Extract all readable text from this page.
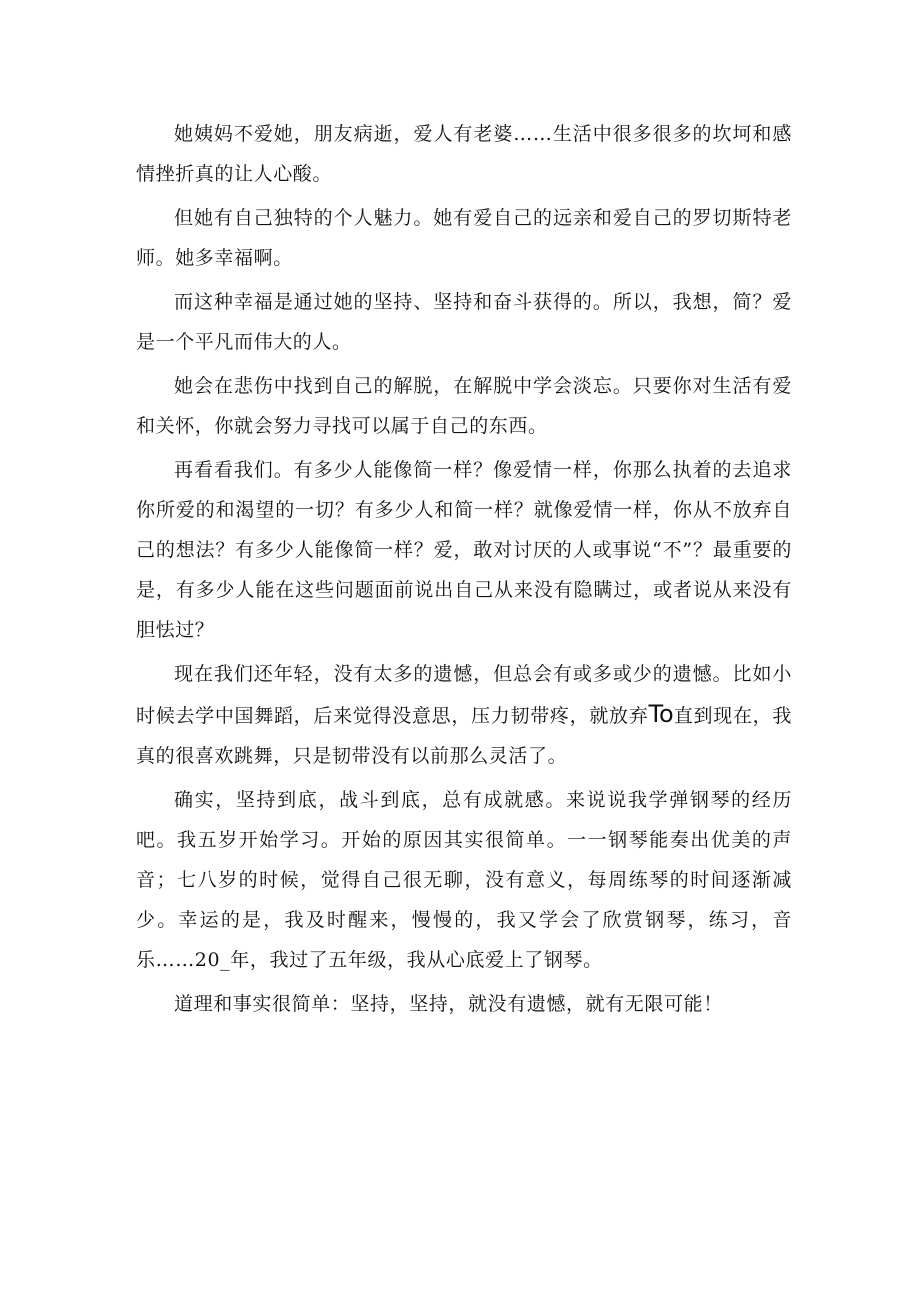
她姨妈不爱她，朋友病逝，爱人有老婆……生活中很多很多的坎坷和感情挫折真的让人心酸。

但她有自己独特的个人魅力。她有爱自己的远亲和爱自己的罗切斯特老师。她多幸福啊。

而这种幸福是通过她的坚持、坚持和奋斗获得的。所以，我想，简？爱是一个平凡而伟大的人。

她会在悲伤中找到自己的解脱，在解脱中学会淡忘。只要你对生活有爱和关怀，你就会努力寻找可以属于自己的东西。

再看看我们。有多少人能像简一样？像爱情一样，你那么执着的去追求你所爱的和渴望的一切？有多少人和简一样？就像爱情一样，你从不放弃自己的想法？有多少人能像简一样？爱，敢对讨厌的人或事说“不”？最重要的是，有多少人能在这些问题面前说出自己从来没有隐瞒过，或者说从来没有胆怯过？

现在我们还年轻，没有太多的遗憾，但总会有或多或少的遗憾。比如小时候去学中国舞蹈，后来觉得没意思，压力韧带疼，就放弃To直到现在，我真的很喜欢跳舞，只是韧带没有以前那么灵活了。

确实，坚持到底，战斗到底，总有成就感。来说说我学弹钢琴的经历吧。我五岁开始学习。开始的原因其实很简单。一一钢琴能奏出优美的声音；七八岁的时候，觉得自己很无聊，没有意义，每周练琴的时间逐渐减少。幸运的是，我及时醒来，慢慢的，我又学会了欣赏钢琴，练习，音乐……20_年，我过了五年级，我从心底爱上了钢琴。

道理和事实很简单：坚持，坚持，就没有遗憾，就有无限可能！
